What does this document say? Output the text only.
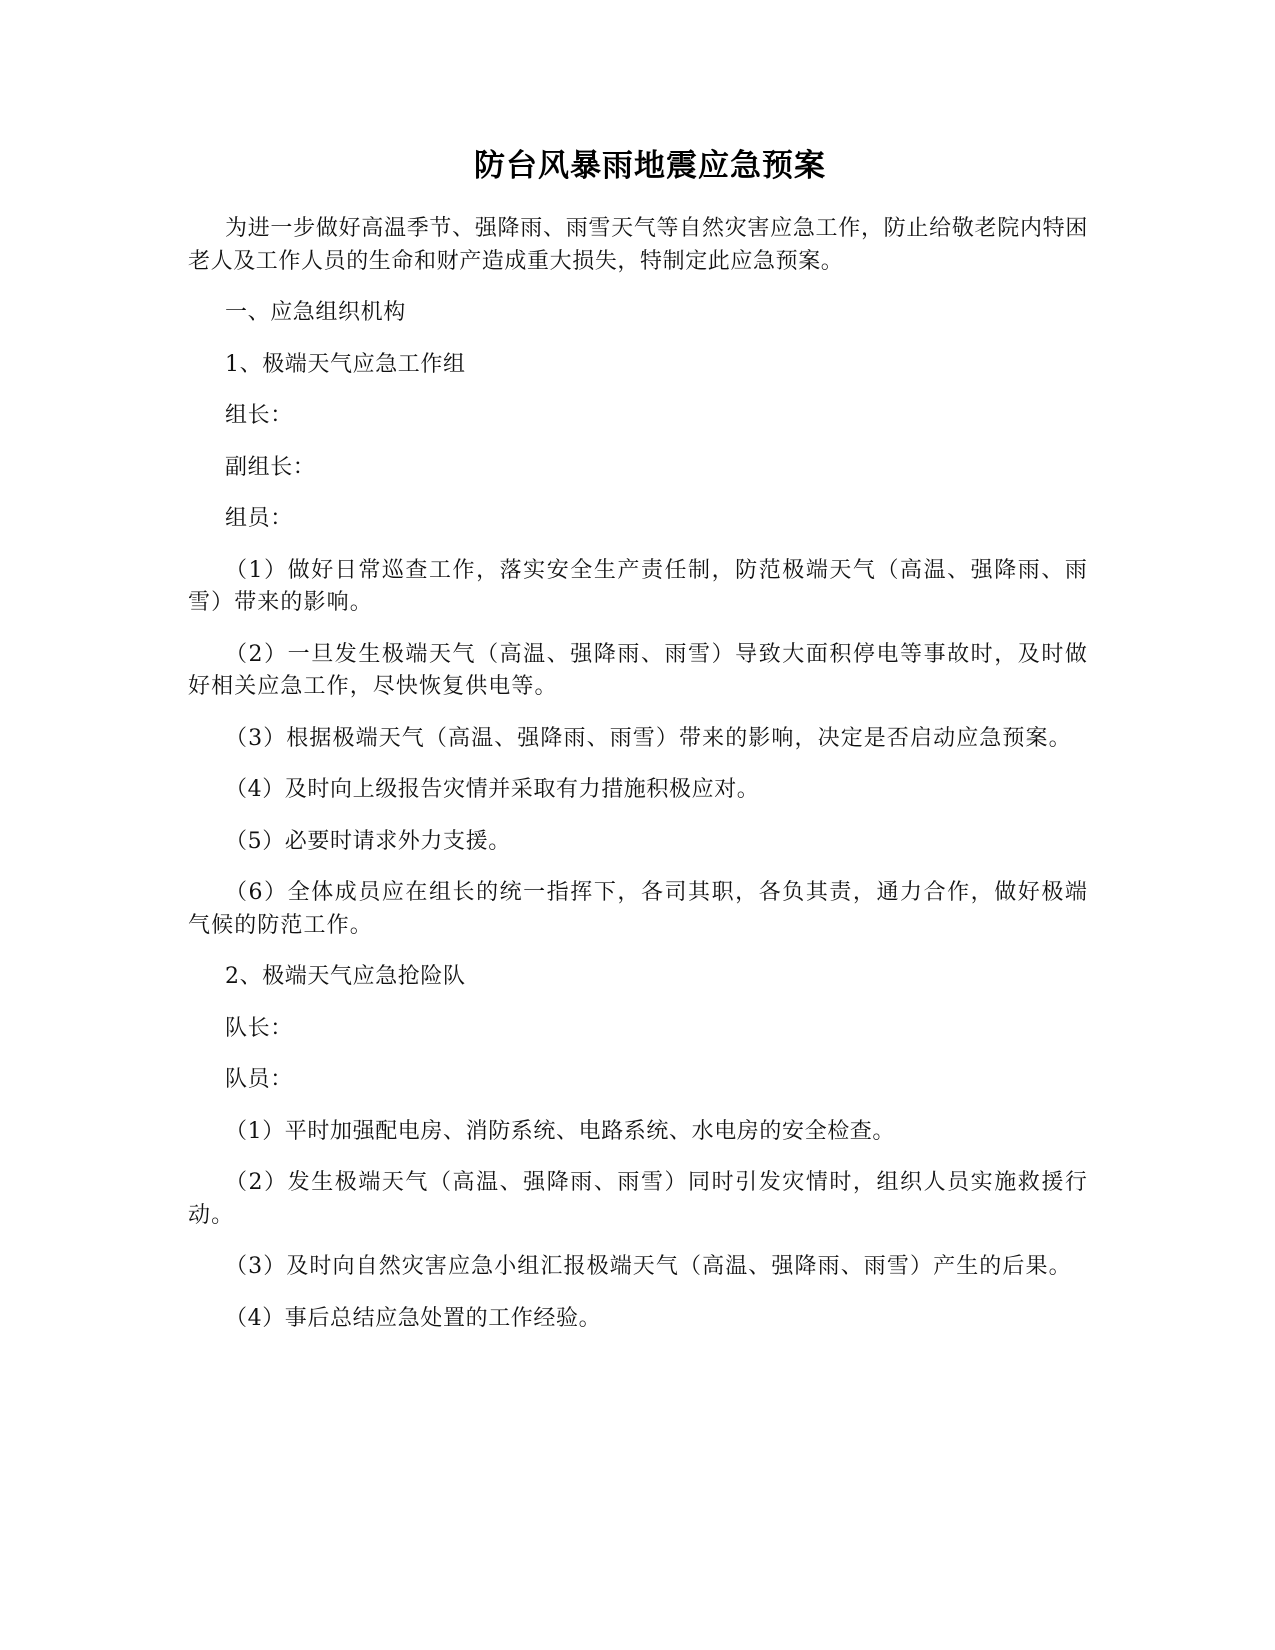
防台风暴雨地震应急预案

为进一步做好高温季节、强降雨、雨雪天气等自然灾害应急工作，防止给敬老院内特困老人及工作人员的生命和财产造成重大损失，特制定此应急预案。

一、应急组织机构

1、极端天气应急工作组

组长：

副组长：

组员：

（1）做好日常巡查工作，落实安全生产责任制，防范极端天气（高温、强降雨、雨雪）带来的影响。

（2）一旦发生极端天气（高温、强降雨、雨雪）导致大面积停电等事故时，及时做好相关应急工作，尽快恢复供电等。

（3）根据极端天气（高温、强降雨、雨雪）带来的影响，决定是否启动应急预案。

（4）及时向上级报告灾情并采取有力措施积极应对。

（5）必要时请求外力支援。

（6）全体成员应在组长的统一指挥下，各司其职，各负其责，通力合作，做好极端气候的防范工作。

2、极端天气应急抢险队

队长：

队员：

（1）平时加强配电房、消防系统、电路系统、水电房的安全检查。

（2）发生极端天气（高温、强降雨、雨雪）同时引发灾情时，组织人员实施救援行动。

（3）及时向自然灾害应急小组汇报极端天气（高温、强降雨、雨雪）产生的后果。

（4）事后总结应急处置的工作经验。
